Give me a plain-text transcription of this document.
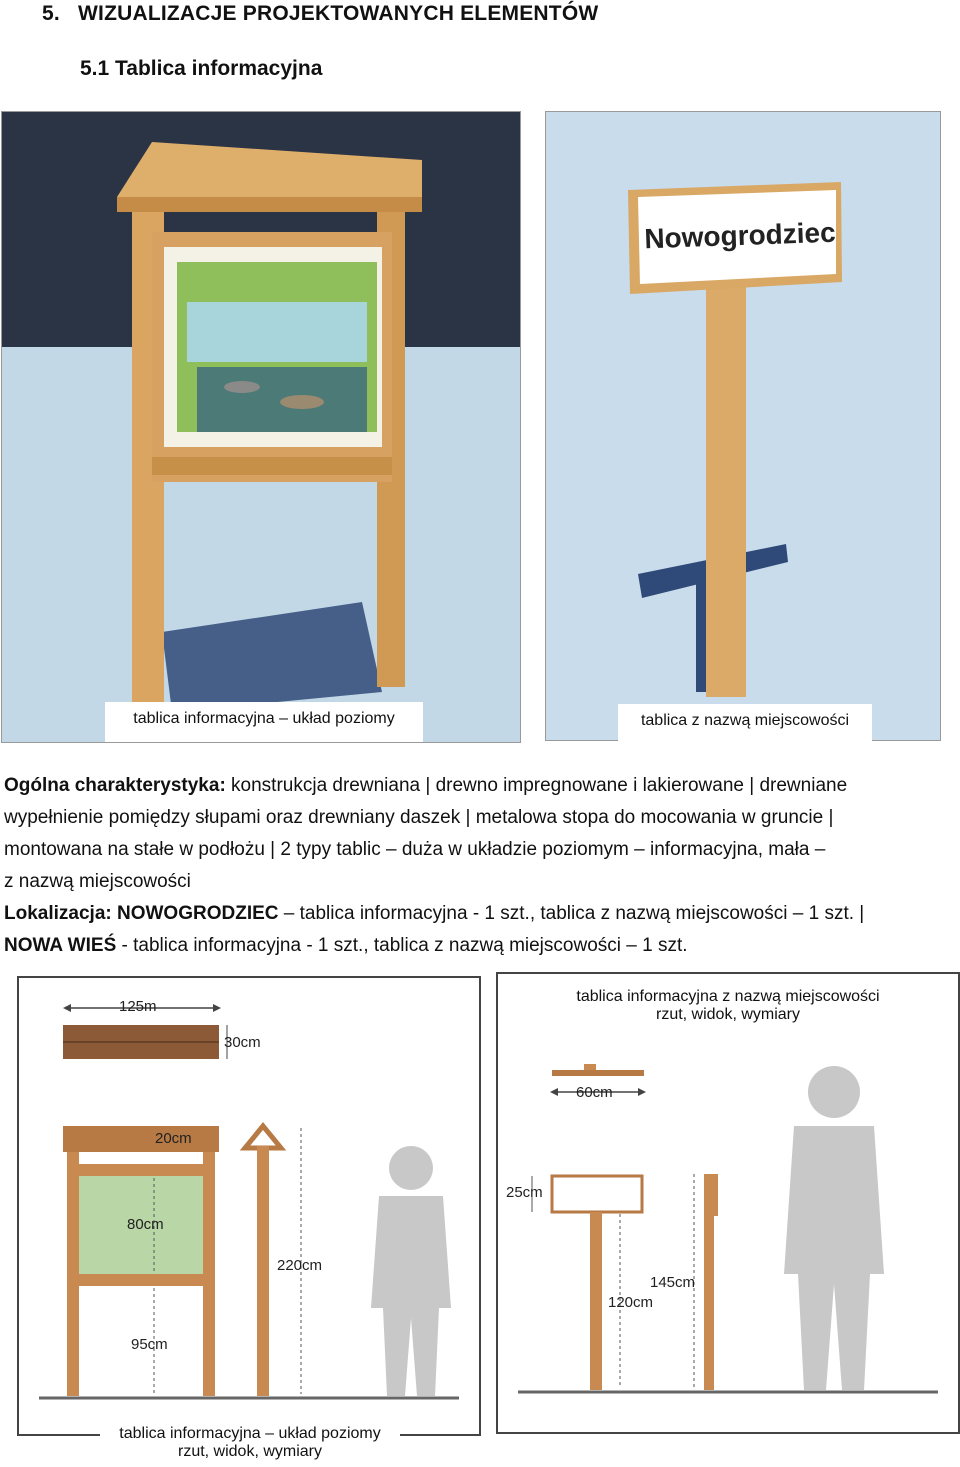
5. WIZUALIZACJE PROJEKTOWANYCH ELEMENTÓW
5.1 Tablica informacyjna
tablica informacyjna – układ poziomy
Nowogrodziec
tablica z nazwą miejscowości
Ogólna charakterystyka: konstrukcja drewniana | drewno impregnowane i lakierowane | drewniane
wypełnienie pomiędzy słupami oraz drewniany daszek | metalowa stopa do mocowania w gruncie |
montowana na stałe w podłożu | 2 typy tablic – duża w układzie poziomym – informacyjna, mała –
z nazwą miejscowości
Lokalizacja: NOWOGRODZIEC – tablica informacyjna - 1 szt., tablica z nazwą miejscowości – 1 szt. |
NOWA WIEŚ - tablica informacyjna - 1 szt., tablica z nazwą miejscowości – 1 szt.
125m
30cm
20cm
80cm
220cm
95cm
tablica informacyjna – układ poziomy
rzut, widok, wymiary
tablica informacyjna z nazwą miejscowości
rzut, widok, wymiary
60cm
25cm
145cm
120cm
